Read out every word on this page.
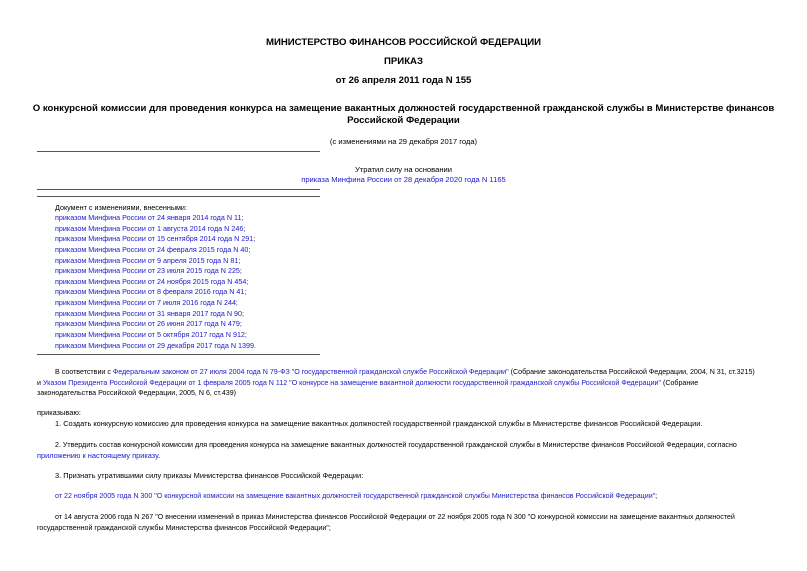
МИНИСТЕРСТВО ФИНАНСОВ РОССИЙСКОЙ ФЕДЕРАЦИИ
ПРИКАЗ
от 26 апреля 2011 года N 155
О конкурсной комиссии для проведения конкурса на замещение вакантных должностей государственной гражданской службы в Министерстве финансов
Российской Федерации
(с изменениями на 29 декабря 2017 года)
Утратил силу на основании
приказа Минфина России от 28 декабря 2020 года N 1165
Документ с изменениями, внесенными:
приказом Минфина России от 24 января 2014 года N 11;
приказом Минфина России от 1 августа 2014 года N 246;
приказом Минфина России от 15 сентября 2014 года N 291;
приказом Минфина России от 24 февраля 2015 года N 40;
приказом Минфина России от 9 апреля 2015 года N 81;
приказом Минфина России от 23 июля 2015 года N 225;
приказом Минфина России от 24 ноября 2015 года N 454;
приказом Минфина России от 8 февраля 2016 года N 41;
приказом Минфина России от 7 июля 2016 года N 244;
приказом Минфина России от 31 января 2017 года N 90;
приказом Минфина России от 26 июня 2017 года N 479;
приказом Минфина России от 5 октября 2017 года N 912;
приказом Минфина России от 29 декабря 2017 года N 1399.
В соответствии с Федеральным законом от 27 июля 2004 года N 79-ФЗ "О государственной гражданской службе Российской Федерации" (Собрание законодательства Российской Федерации, 2004, N 31, ст.3215)
и Указом Президента Российской Федерации от 1 февраля 2005 года N 112 "О конкурсе на замещение вакантной должности государственной гражданской службы Российской Федерации" (Собрание
законодательства Российской Федерации, 2005, N 6, ст.439)
приказываю:
1. Создать конкурсную комиссию для проведения конкурса на замещение вакантных должностей государственной гражданской службы в Министерстве финансов Российской Федерации.
2. Утвердить состав конкурсной комиссии для проведения конкурса на замещение вакантных должностей государственной гражданской службы в Министерстве финансов Российской Федерации, согласно
приложению к настоящему приказу.
3. Признать утратившими силу приказы Министерства финансов Российской Федерации:
от 22 ноября 2005 года N 300 "О конкурсной комиссии на замещение вакантных должностей государственной гражданской службы Министерства финансов Российской Федерации";
от 14 августа 2006 года N 267 "О внесении изменений в приказ Министерства финансов Российской Федерации от 22 ноября 2005 года N 300 "О конкурсной комиссии на замещение вакантных должностей
государственной гражданской службы Министерства финансов Российской Федерации";
